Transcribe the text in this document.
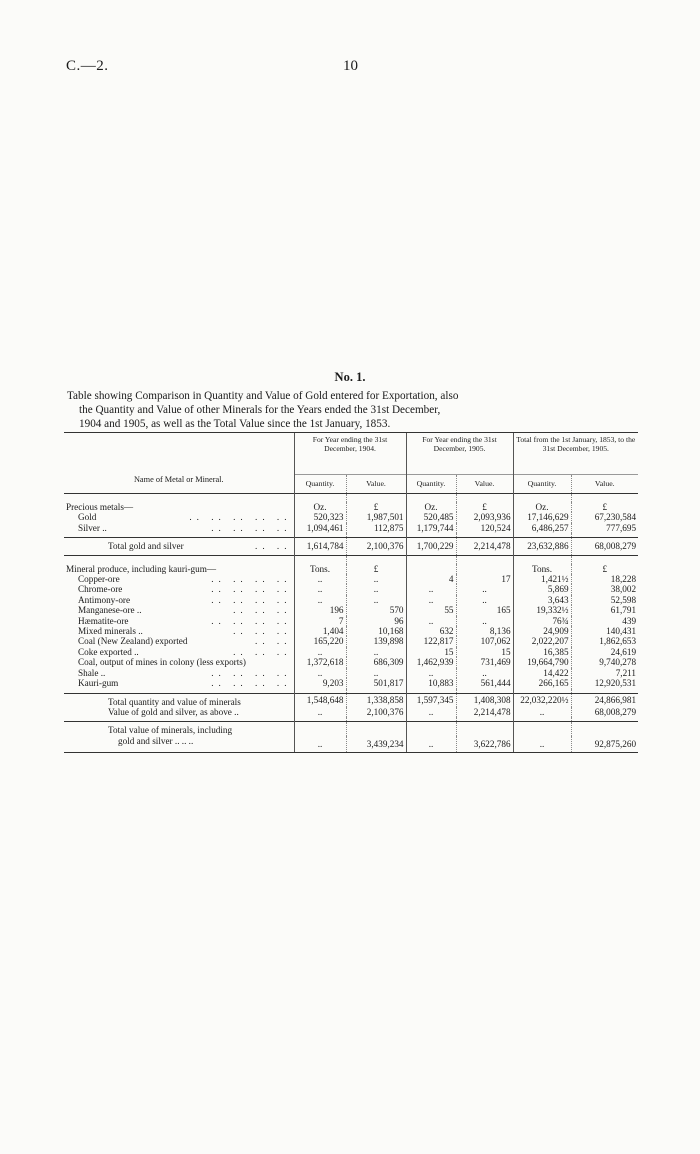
C.—2.	10
No. 1.
Table showing Comparison in Quantity and Value of Gold entered for Exportation, also
the Quantity and Value of other Minerals for the Years ended the 31st December,
1904 and 1905, as well as the Total Value since the 1st January, 1853.
Name of Metal or Mineral.	For Year ending the 31st December, 1904.		For Year ending the 31st December, 1905.		Total from the 1st January, 1853, to the 31st December, 1905.	
	Quantity.	Value.	Quantity.	Value.	Quantity.	Value.

Precious metals—	Oz.	£	Oz.	£	Oz.	£

Gold .. .. .. .. ..	520,323	1,987,501	520,485	2,093,936	17,146,629	67,230,584

Silver .. .. .. .. ..	1,094,461	112,875	1,179,744	120,524	6,486,257	777,695

Total gold and silver .. ..	1,614,784	2,100,376	1,700,229	2,214,478	23,632,886	68,008,279

Mineral produce, including kauri-gum—	Tons.	£			Tons.	£

Copper-ore .. .. .. ..	..	..	4	17	1,421½	18,228

Chrome-ore .. .. .. ..	..	..	..	..	5,869	38,002

Antimony-ore .. .. .. ..	..	..	..	..	3,643	52,598

Manganese-ore .. .. .. ..	196	570	55	165	19,332½	61,791

Hæmatite-ore .. .. .. ..	7	96	..	..	76¾	439

Mixed minerals .. .. .. ..	1,404	10,168	632	8,136	24,909	140,431

Coal (New Zealand) exported .. ..	165,220	139,898	122,817	107,062	2,022,207	1,862,653

Coke exported .. .. .. ..	..	..	15	15	16,385	24,619
Coal, output of mines in colony (less exports)	1,372,618	686,309	1,462,939	731,469	19,664,790	9,740,278

Shale .. .. .. .. ..	..	..	..	..	14,422	7,211

Kauri-gum .. .. .. ..	9,203	501,817	10,883	561,444	266,165	12,920,531

Total quantity and value of minerals	1,548,648	1,338,858	1,597,345	1,408,308	22,032,220½	24,866,981
Value of gold and silver, as above ..	..	2,100,376	..	2,214,478	..	68,008,279

Total value of minerals, including						
gold and silver .. .. ..	..	3,439,234	..	3,622,786	..	92,875,260
